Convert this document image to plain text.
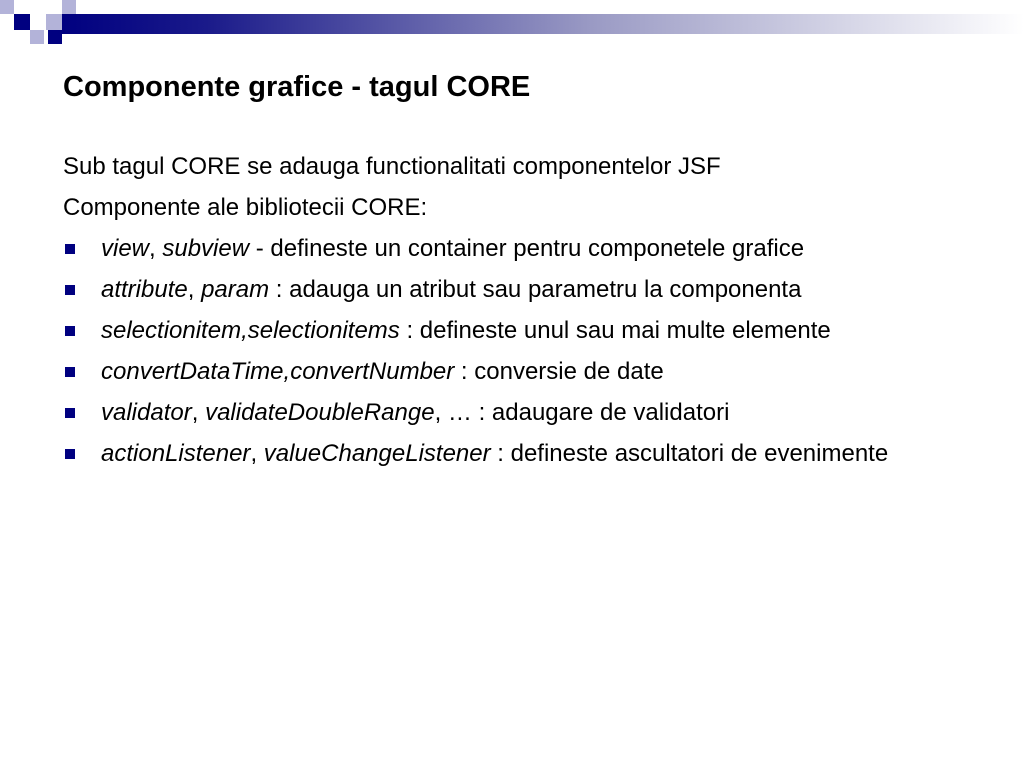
Componente grafice - tagul CORE

Sub tagul CORE se adauga functionalitati componentelor JSF

Componente ale bibliotecii CORE:

view, subview - defineste un container pentru componetele grafice
attribute, param : adauga un atribut sau parametru la componenta
selectionitem,selectionitems : defineste unul sau mai multe elemente
convertDataTime,convertNumber : conversie de date
validator, validateDoubleRange, … : adaugare de validatori
actionListener, valueChangeListener : defineste ascultatori de evenimente
